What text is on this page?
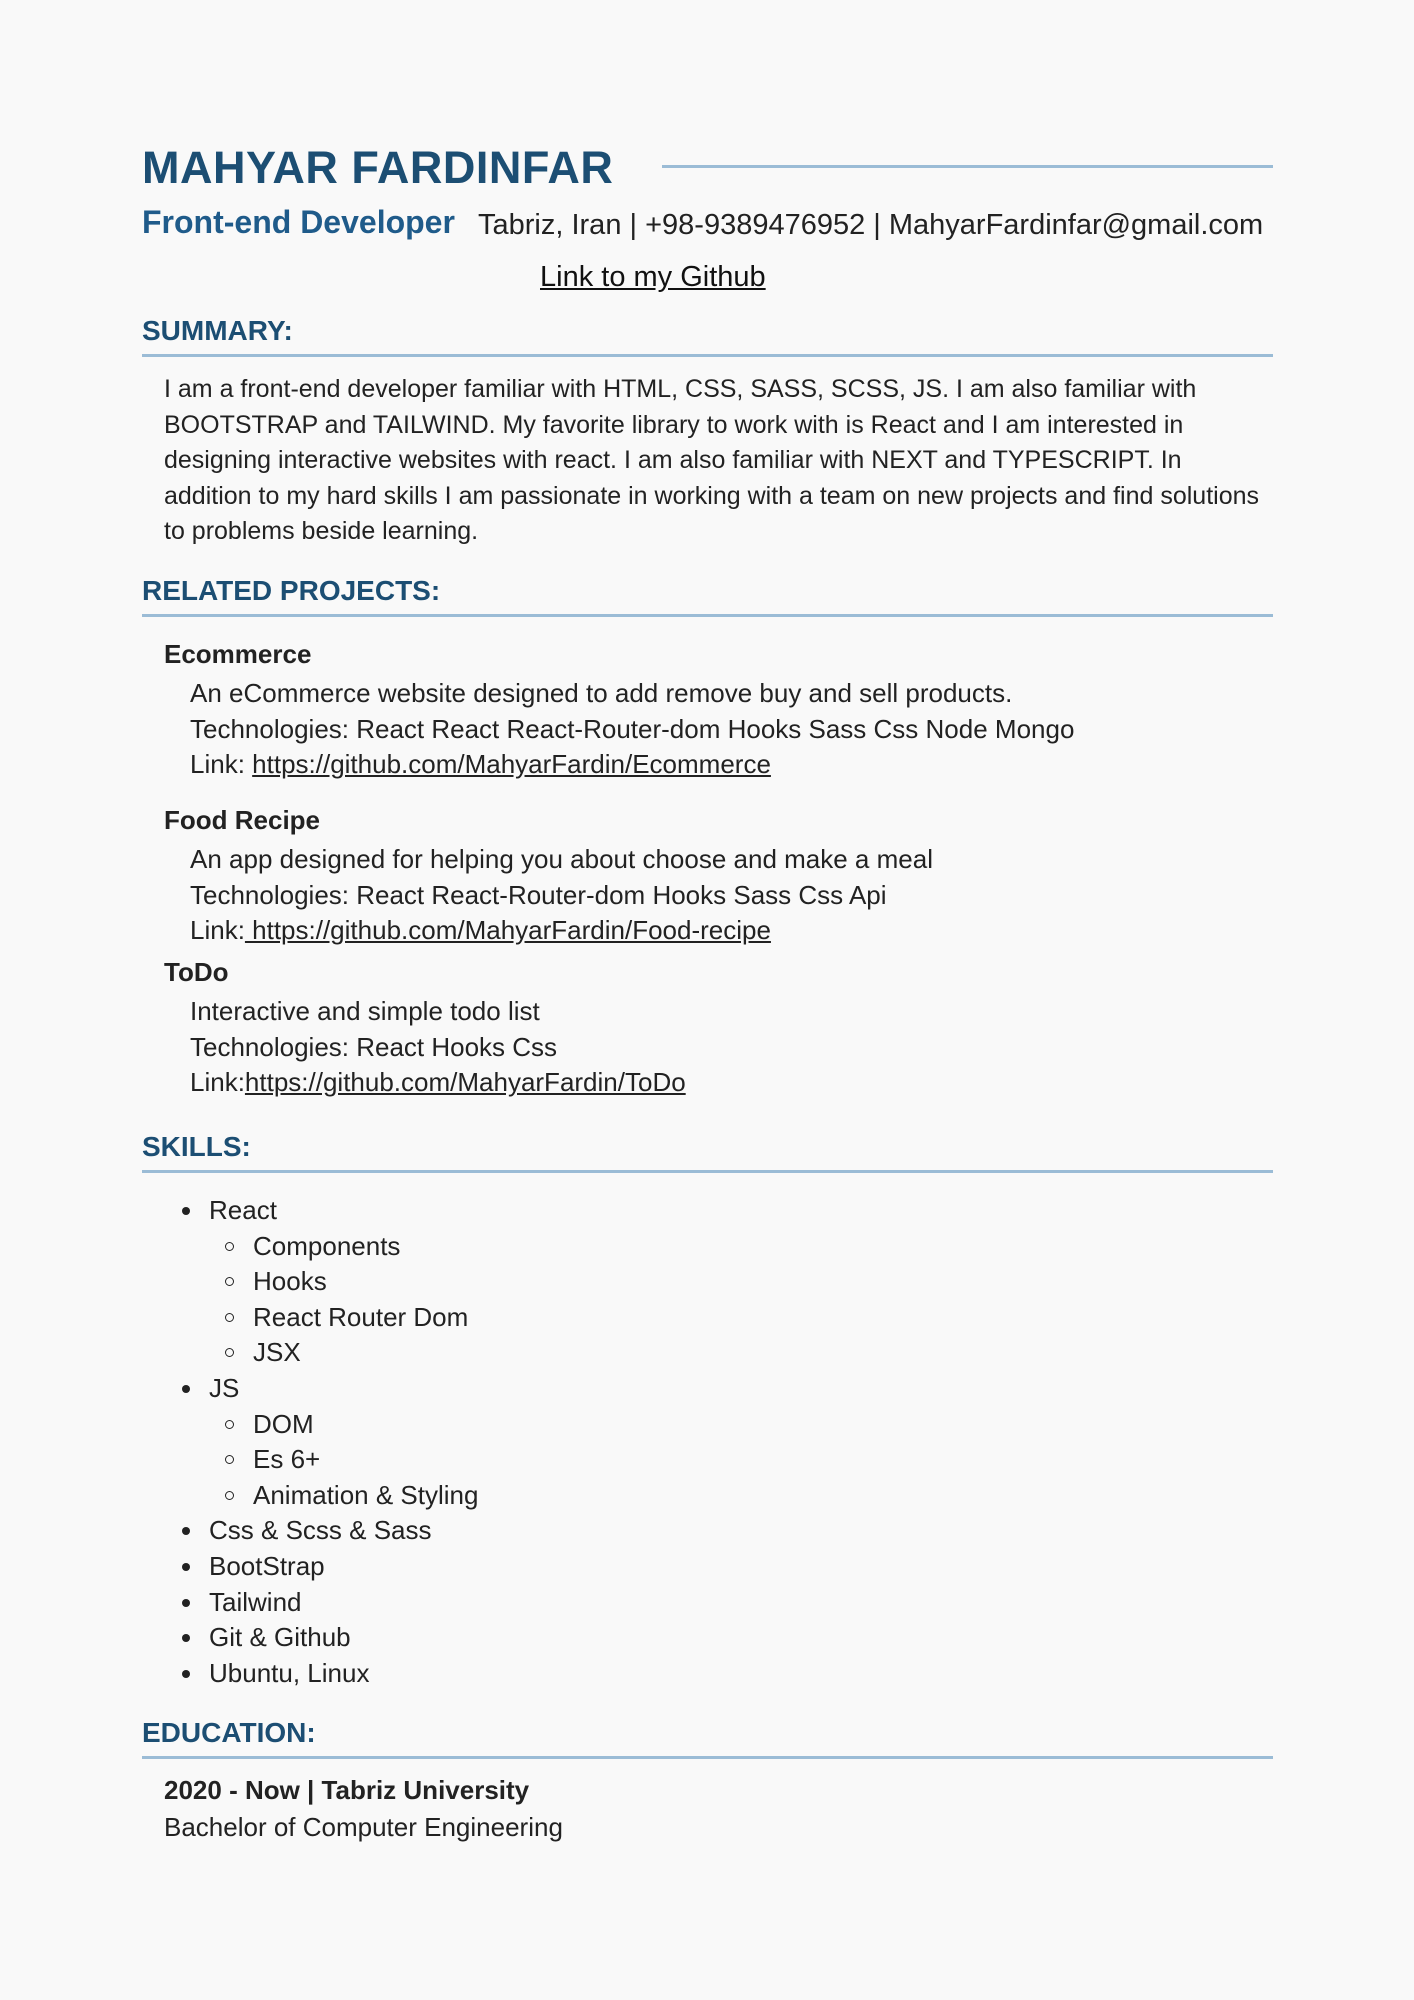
MAHYAR FARDINFAR
Front-end Developer Tabriz, Iran | +98-9389476952 | MahyarFardinfar@gmail.com
Link to my Github
SUMMARY:

I am a front-end developer familiar with HTML, CSS, SASS, SCSS, JS. I am also familiar with BOOTSTRAP and TAILWIND. My favorite library to work with is React and I am interested in designing interactive websites with react. I am also familiar with NEXT and TYPESCRIPT. In addition to my hard skills I am passionate in working with a team on new projects and find solutions to problems beside learning.

RELATED PROJECTS:
Ecommerce
An eCommerce website designed to add remove buy and sell products.
Technologies: React React React-Router-dom Hooks Sass Css Node Mongo
Link: https://github.com/MahyarFardin/Ecommerce
Food Recipe
An app designed for helping you about choose and make a meal
Technologies: React React-Router-dom Hooks Sass Css Api
Link: https://github.com/MahyarFardin/Food-recipe
ToDo
Interactive and simple todo list
Technologies: React Hooks Css
Link:https://github.com/MahyarFardin/ToDo
SKILLS:
React
Components
Hooks
React Router Dom
JSX
JS
DOM
Es 6+
Animation & Styling
Css & Scss & Sass
BootStrap
Tailwind
Git & Github
Ubuntu, Linux
EDUCATION:
2020 - Now | Tabriz University
Bachelor of Computer Engineering
